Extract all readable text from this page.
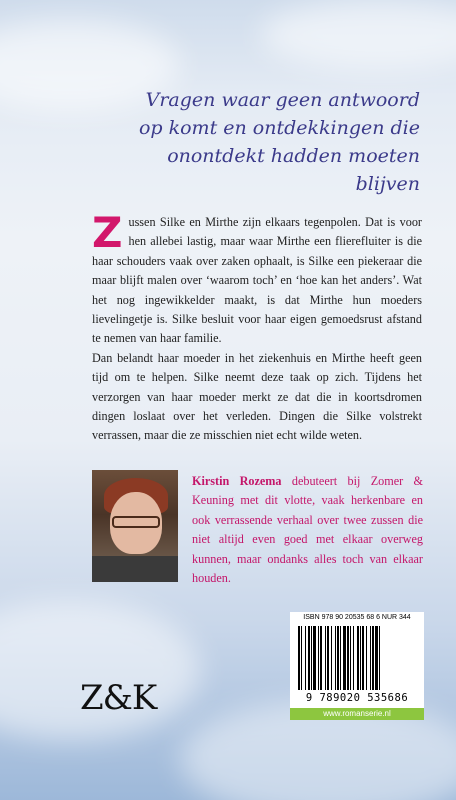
Vragen waar geen antwoord
op komt en ontdekkingen die
onontdekt hadden moeten blijven
Z ussen Silke en Mirthe zijn elkaars tegenpolen. Dat is voor hen allebei lastig, maar waar Mirthe een flierefluiter is die haar schouders vaak over zaken ophaalt, is Silke een piekeraar die maar blijft malen over ‘waarom toch’ en ‘hoe kan het anders’. Wat het nog ingewikkelder maakt, is dat Mirthe hun moeders lievelingetje is. Silke besluit voor haar eigen gemoedsrust afstand te nemen van haar familie.

Dan belandt haar moeder in het ziekenhuis en Mirthe heeft geen tijd om te helpen. Silke neemt deze taak op zich. Tijdens het verzorgen van haar moeder merkt ze dat die in koortsdromen dingen loslaat over het verleden. Dingen die Silke volstrekt verrassen, maar die ze misschien niet echt wilde weten.

Kirstin Rozema debuteert bij Zomer & Keuning met dit vlotte, vaak herkenbare en ook verrassende verhaal over twee zussen die niet altijd even goed met elkaar overweg kunnen, maar ondanks alles toch van elkaar houden.
Z&K
ISBN 978 90 20535 68 6 NUR 344
9 789020 535686
www.romanserie.nl
